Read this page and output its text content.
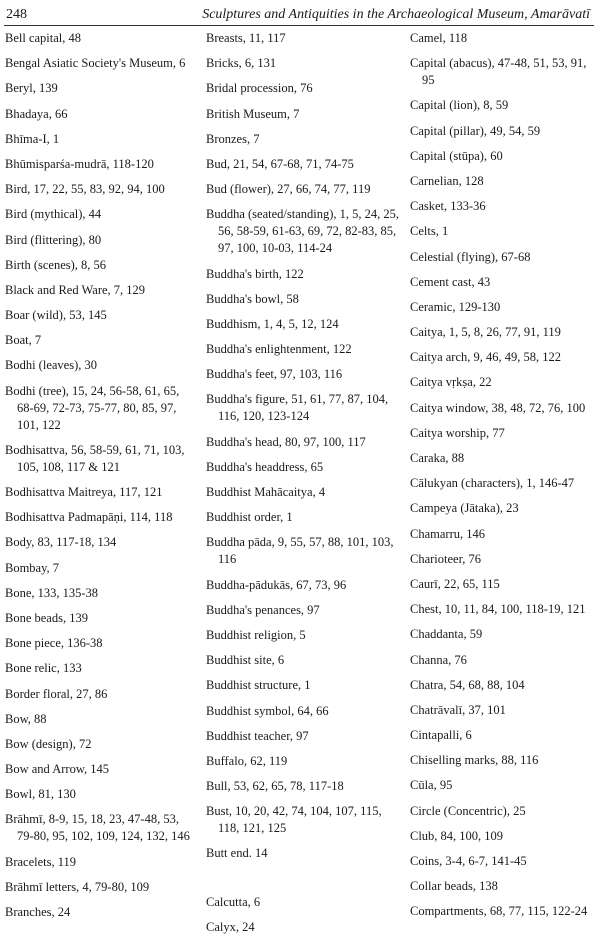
248	Sculptures and Antiquities in the Archaeological Museum, Amarāvatī
Bell capital, 48
Bengal Asiatic Society's Museum, 6
Beryl, 139
Bhadaya, 66
Bhīma-I, 1
Bhūmisparśa-mudrā, 118-120
Bird, 17, 22, 55, 83, 92, 94, 100
Bird (mythical), 44
Bird (flittering), 80
Birth (scenes), 8, 56
Black and Red Ware, 7, 129
Boar (wild), 53, 145
Boat, 7
Bodhi (leaves), 30
Bodhi (tree), 15, 24, 56-58, 61, 65, 68-69, 72-73, 75-77, 80, 85, 97, 101, 122
Bodhisattva, 56, 58-59, 61, 71, 103, 105, 108, 117 & 121
Bodhisattva Maitreya, 117, 121
Bodhisattva Padmapāṇi, 114, 118
Body, 83, 117-18, 134
Bombay, 7
Bone, 133, 135-38
Bone beads, 139
Bone piece, 136-38
Bone relic, 133
Border floral, 27, 86
Bow, 88
Bow (design), 72
Bow and Arrow, 145
Bowl, 81, 130
Brāhmī, 8-9, 15, 18, 23, 47-48, 53, 79-80, 95, 102, 109, 124, 132, 146
Bracelets, 119
Brāhmī letters, 4, 79-80, 109
Branches, 24
Breasts, 11, 117
Bricks, 6, 131
Bridal procession, 76
British Museum, 7
Bronzes, 7
Bud, 21, 54, 67-68, 71, 74-75
Bud (flower), 27, 66, 74, 77, 119
Buddha (seated/standing), 1, 5, 24, 25, 56, 58-59, 61-63, 69, 72, 82-83, 85, 97, 100, 10-03, 114-24
Buddha's birth, 122
Buddha's bowl, 58
Buddhism, 1, 4, 5, 12, 124
Buddha's enlightenment, 122
Buddha's feet, 97, 103, 116
Buddha's figure, 51, 61, 77, 87, 104, 116, 120, 123-124
Buddha's head, 80, 97, 100, 117
Buddha's headdress, 65
Buddhist Mahācaitya, 4
Buddhist order, 1
Buddha pāda, 9, 55, 57, 88, 101, 103, 116
Buddha-pādukās, 67, 73, 96
Buddha's penances, 97
Buddhist religion, 5
Buddhist site, 6
Buddhist structure, 1
Buddhist symbol, 64, 66
Buddhist teacher, 97
Buffalo, 62, 119
Bull, 53, 62, 65, 78, 117-18
Bust, 10, 20, 42, 74, 104, 107, 115, 118, 121, 125
Butt end. 14
Calcutta, 6
Calyx, 24
Camel, 118
Capital (abacus), 47-48, 51, 53, 91, 95
Capital (lion), 8, 59
Capital (pillar), 49, 54, 59
Capital (stūpa), 60
Carnelian, 128
Casket, 133-36
Celts, 1
Celestial (flying), 67-68
Cement cast, 43
Ceramic, 129-130
Caitya, 1, 5, 8, 26, 77, 91, 119
Caitya arch, 9, 46, 49, 58, 122
Caitya vṛkṣa, 22
Caitya window, 38, 48, 72, 76, 100
Caitya worship, 77
Caraka, 88
Cālukyan (characters), 1, 146-47
Campeya (Jātaka), 23
Chamarru, 146
Charioteer, 76
Caurī, 22, 65, 115
Chest, 10, 11, 84, 100, 118-19, 121
Chaddanta, 59
Channa, 76
Chatra, 54, 68, 88, 104
Chatrāvalī, 37, 101
Cintapalli, 6
Chiselling marks, 88, 116
Cūla, 95
Circle (Concentric), 25
Club, 84, 100, 109
Coins, 3-4, 6-7, 141-45
Collar beads, 138
Compartments, 68, 77, 115, 122-24
